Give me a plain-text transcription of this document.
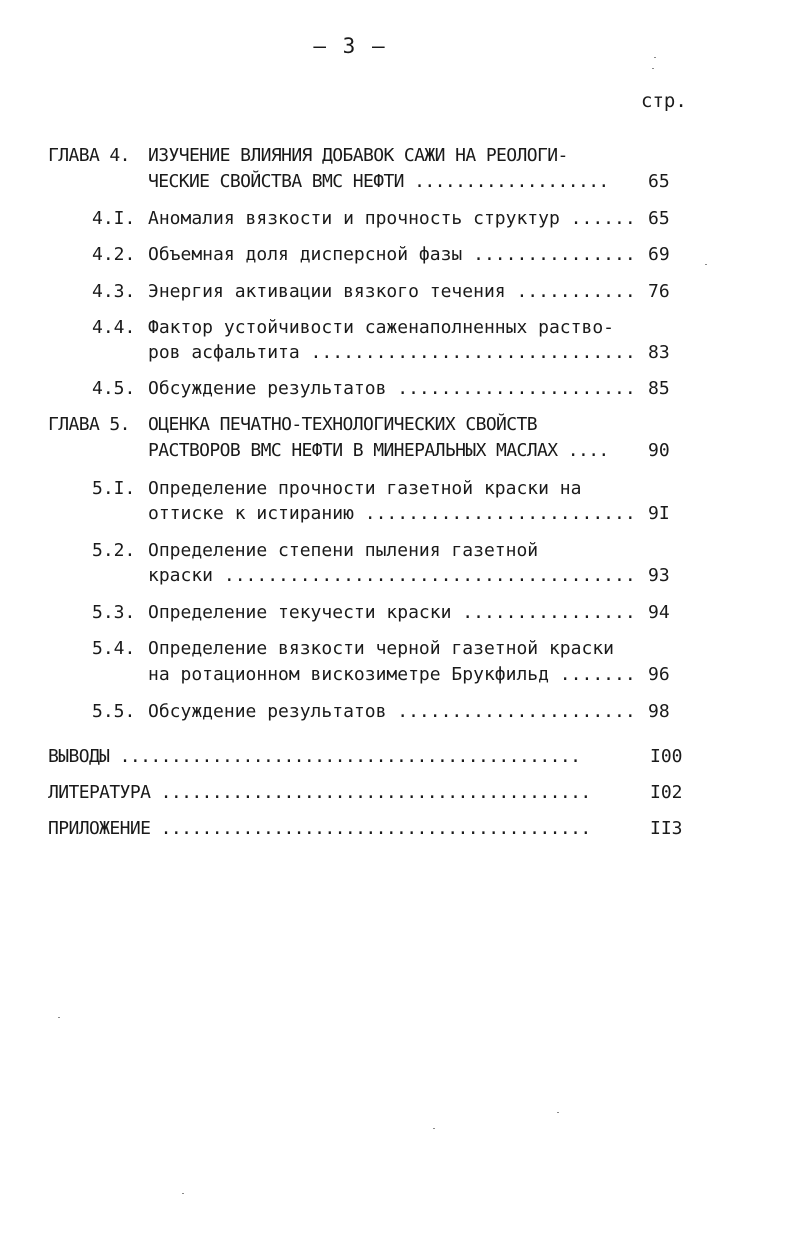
– 3 –
стр.
ГЛАВА 4. ИЗУЧЕНИЕ ВЛИЯНИЯ ДОБАВОК САЖИ НА РЕОЛОГИ-
ЧЕСКИЕ СВОЙСТВА ВМС НЕФТИ ................... 65
4.I. Аномалия вязкости и прочность структур ...... 65
4.2. Объемная доля дисперсной фазы ............... 69
4.3. Энергия активации вязкого течения ........... 76
4.4. Фактор устойчивости саженаполненных раство-
ров асфальтита .............................. 83
4.5. Обсуждение результатов ...................... 85
ГЛАВА 5. ОЦЕНКА ПЕЧАТНО-ТЕХНОЛОГИЧЕСКИХ СВОЙСТВ
РАСТВОРОВ ВМС НЕФТИ В МИНЕРАЛЬНЫХ МАСЛАХ .... 90
5.I. Определение прочности газетной краски на
оттиске к истиранию ......................... 9I
5.2. Определение степени пыления газетной
краски ...................................... 93
5.3. Определение текучести краски ................ 94
5.4. Определение вязкости черной газетной краски
на ротационном вискозиметре Брукфильд ....... 96
5.5. Обсуждение результатов ...................... 98
ВЫВОДЫ .............................................	I00
ЛИТЕРАТУРА ..........................................	I02
ПРИЛОЖЕНИЕ ..........................................	II3
